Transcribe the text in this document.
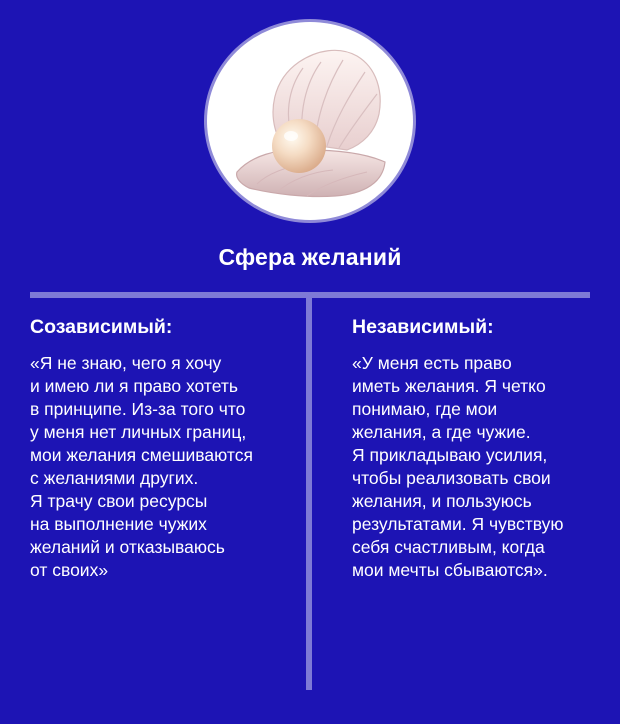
Сфера желаний
Созависимый:

«Я не знаю, чего я хочу
и имею ли я право хотеть
в принципе. Из-за того что
у меня нет личных границ,
мои желания смешиваются
с желаниями других.
Я трачу свои ресурсы
на выполнение чужих
желаний и отказываюсь
от своих»

Независимый:

«У меня есть право
иметь желания. Я четко
понимаю, где мои
желания, а где чужие.
Я прикладываю усилия,
чтобы реализовать свои
желания, и пользуюсь
результатами. Я чувствую
себя счастливым, когда
мои мечты сбываются».
